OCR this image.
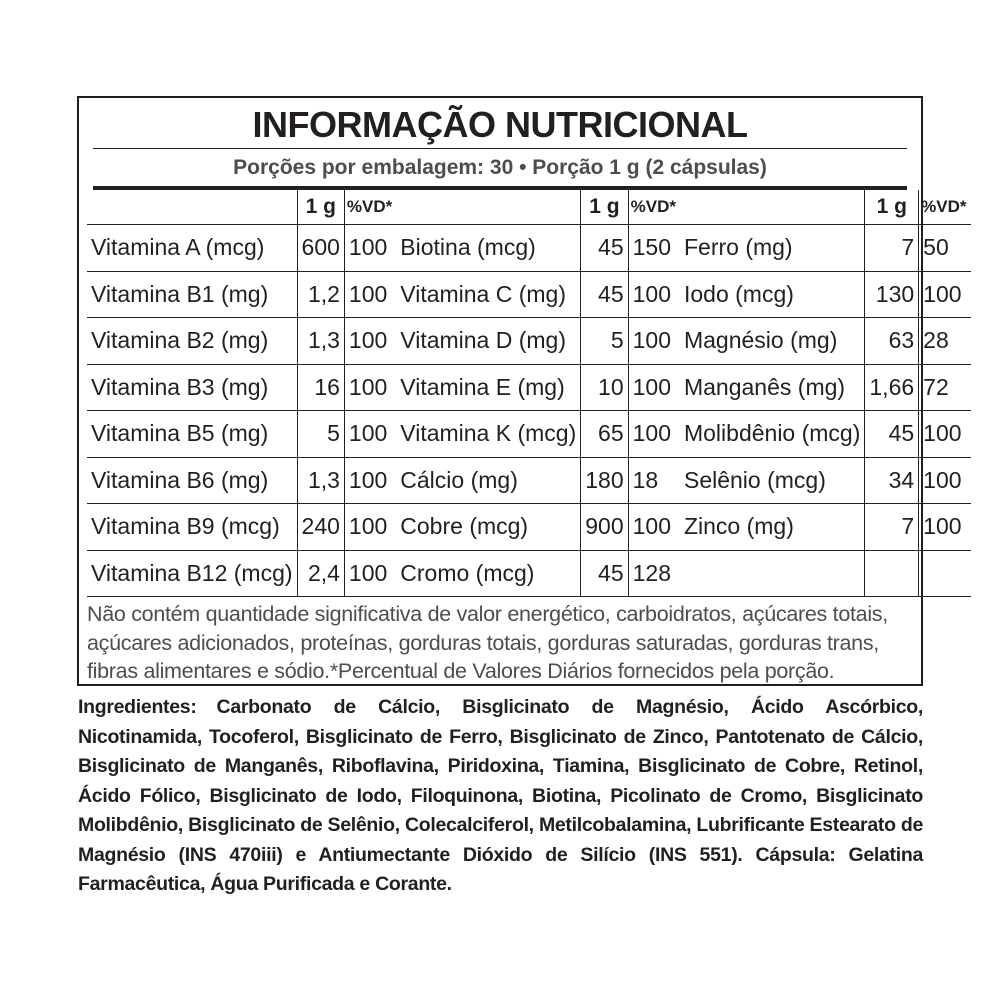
INFORMAÇÃO NUTRICIONAL
Porções por embalagem: 30 • Porção 1 g (2 cápsulas)
	1 g	%VD*		1 g	%VD*		1 g	%VD*
Vitamina A (mcg)	600	100	Biotina (mcg)	45	150	Ferro (mg)	7	50
Vitamina B1 (mg)	1,2	100	Vitamina C (mg)	45	100	Iodo (mcg)	130	100
Vitamina B2 (mg)	1,3	100	Vitamina D (mg)	5	100	Magnésio (mg)	63	28
Vitamina B3 (mg)	16	100	Vitamina E (mg)	10	100	Manganês (mg)	1,66	72
Vitamina B5 (mg)	5	100	Vitamina K (mcg)	65	100	Molibdênio (mcg)	45	100
Vitamina B6 (mg)	1,3	100	Cálcio (mg)	180	18	Selênio (mcg)	34	100
Vitamina B9 (mcg)	240	100	Cobre (mcg)	900	100	Zinco (mg)	7	100
Vitamina B12 (mcg)	2,4	100	Cromo (mcg)	45	128			
Não contém quantidade significativa de valor energético, carboidratos, açúcares totais, açúcares adicionados, proteínas, gorduras totais, gorduras saturadas, gorduras trans, fibras alimentares e sódio.*Percentual de Valores Diários fornecidos pela porção.
Ingredientes: Carbonato de Cálcio, Bisglicinato de Magnésio, Ácido Ascórbico, Nicotinamida, Tocoferol, Bisglicinato de Ferro, Bisglicinato de Zinco, Pantotenato de Cálcio, Bisglicinato de Manganês, Riboflavina, Piridoxina, Tiamina, Bisglicinato de Cobre, Retinol, Ácido Fólico, Bisglicinato de Iodo, Filoquinona, Biotina, Picolinato de Cromo, Bisglicinato Molibdênio, Bisglicinato de Selênio, Colecalciferol, Metilcobalamina, Lubrificante Estearato de Magnésio (INS 470iii) e Antiumectante Dióxido de Silício (INS 551). Cápsula: Gelatina Farmacêutica, Água Purificada e Corante.
